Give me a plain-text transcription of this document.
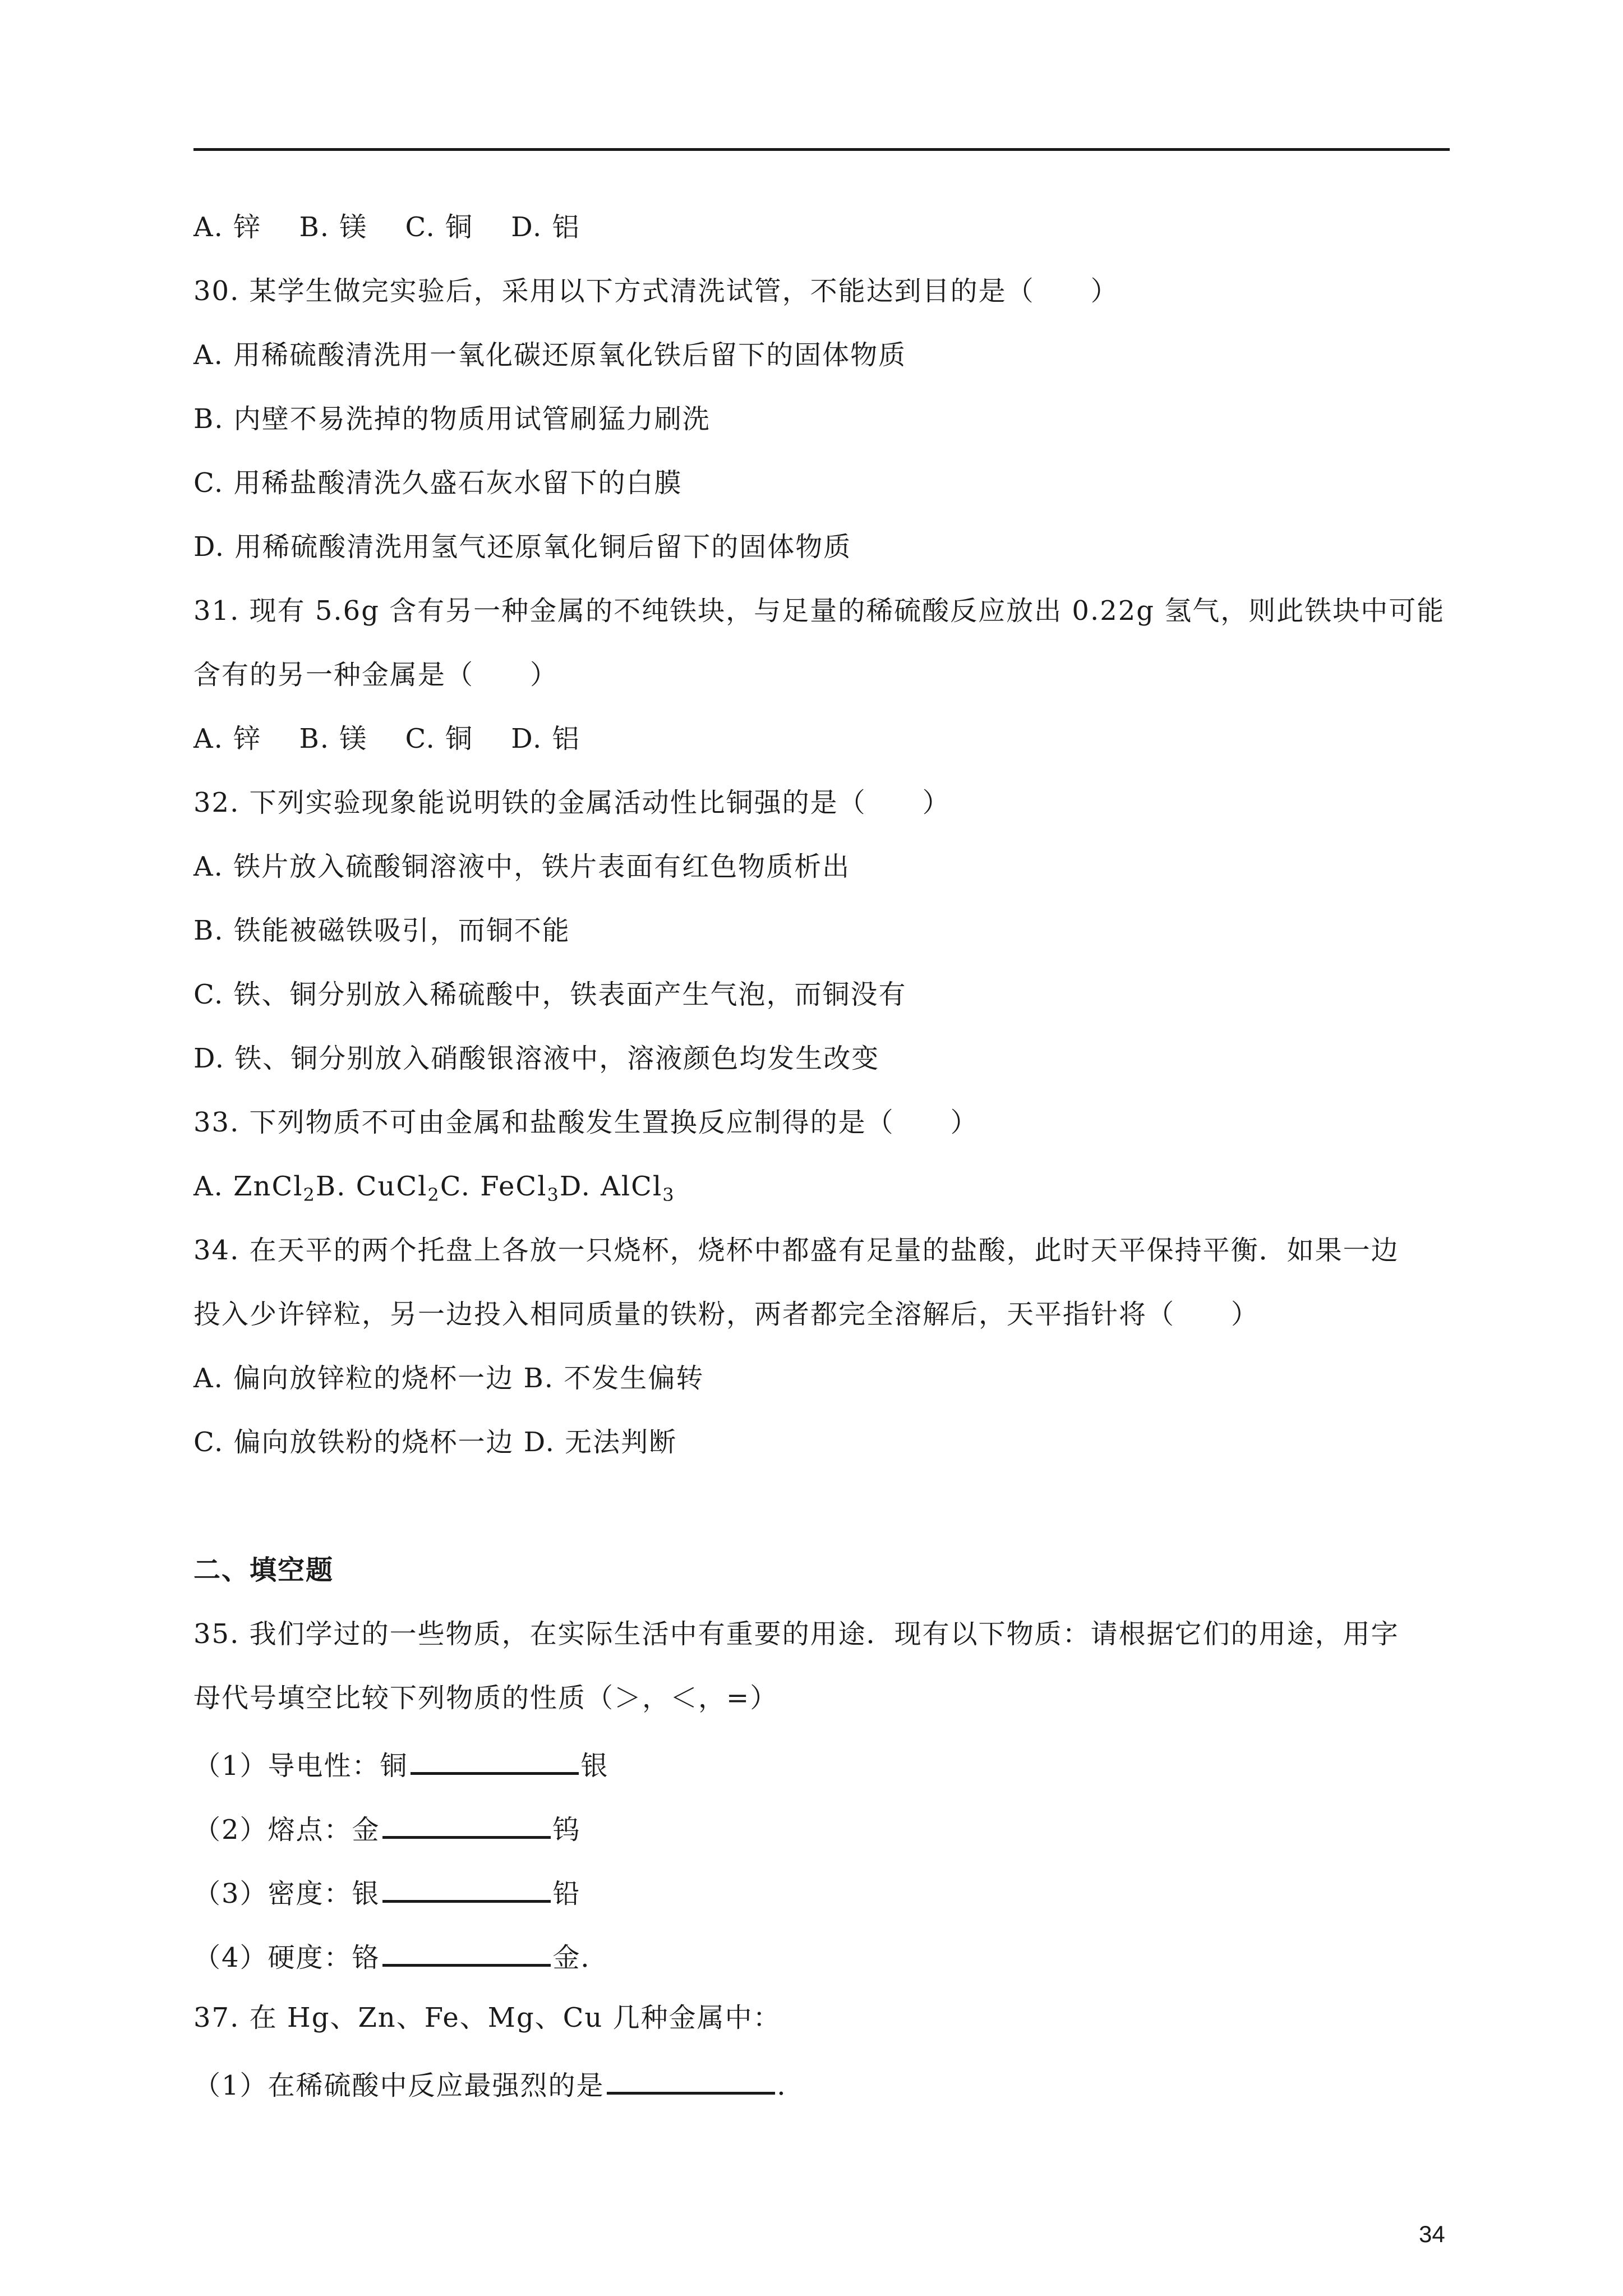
A. 锌　 B. 镁　 C. 铜　 D. 铝
30. 某学生做完实验后，采用以下方式清洗试管，不能达到目的是（　　）
A. 用稀硫酸清洗用一氧化碳还原氧化铁后留下的固体物质
B. 内壁不易洗掉的物质用试管刷猛力刷洗
C. 用稀盐酸清洗久盛石灰水留下的白膜
D. 用稀硫酸清洗用氢气还原氧化铜后留下的固体物质
31. 现有 5.6g 含有另一种金属的不纯铁块，与足量的稀硫酸反应放出 0.22g 氢气，则此铁块中可能
含有的另一种金属是（　　）
A. 锌　 B. 镁　 C. 铜　 D. 铝
32. 下列实验现象能说明铁的金属活动性比铜强的是（　　）
A. 铁片放入硫酸铜溶液中，铁片表面有红色物质析出
B. 铁能被磁铁吸引，而铜不能
C. 铁、铜分别放入稀硫酸中，铁表面产生气泡，而铜没有
D. 铁、铜分别放入硝酸银溶液中，溶液颜色均发生改变
33. 下列物质不可由金属和盐酸发生置换反应制得的是（　　）
A. ZnCl$_2$B. CuCl$_2$C. FeCl$_3$D. AlCl$_3$
34. 在天平的两个托盘上各放一只烧杯，烧杯中都盛有足量的盐酸，此时天平保持平衡．如果一边
投入少许锌粒，另一边投入相同质量的铁粉，两者都完全溶解后，天平指针将（　　）
A. 偏向放锌粒的烧杯一边 B. 不发生偏转
C. 偏向放铁粉的烧杯一边 D. 无法判断
二、填空题
35. 我们学过的一些物质，在实际生活中有重要的用途．现有以下物质：请根据它们的用途，用字
母代号填空比较下列物质的性质（＞，＜，=）
（1）导电性：铜	银
（2）熔点：金	钨
（3）密度：银	铅
（4）硬度：铬	金．
37. 在 Hg、Zn、Fe、Mg、Cu 几种金属中：
（1）在稀硫酸中反应最强烈的是	．
34
